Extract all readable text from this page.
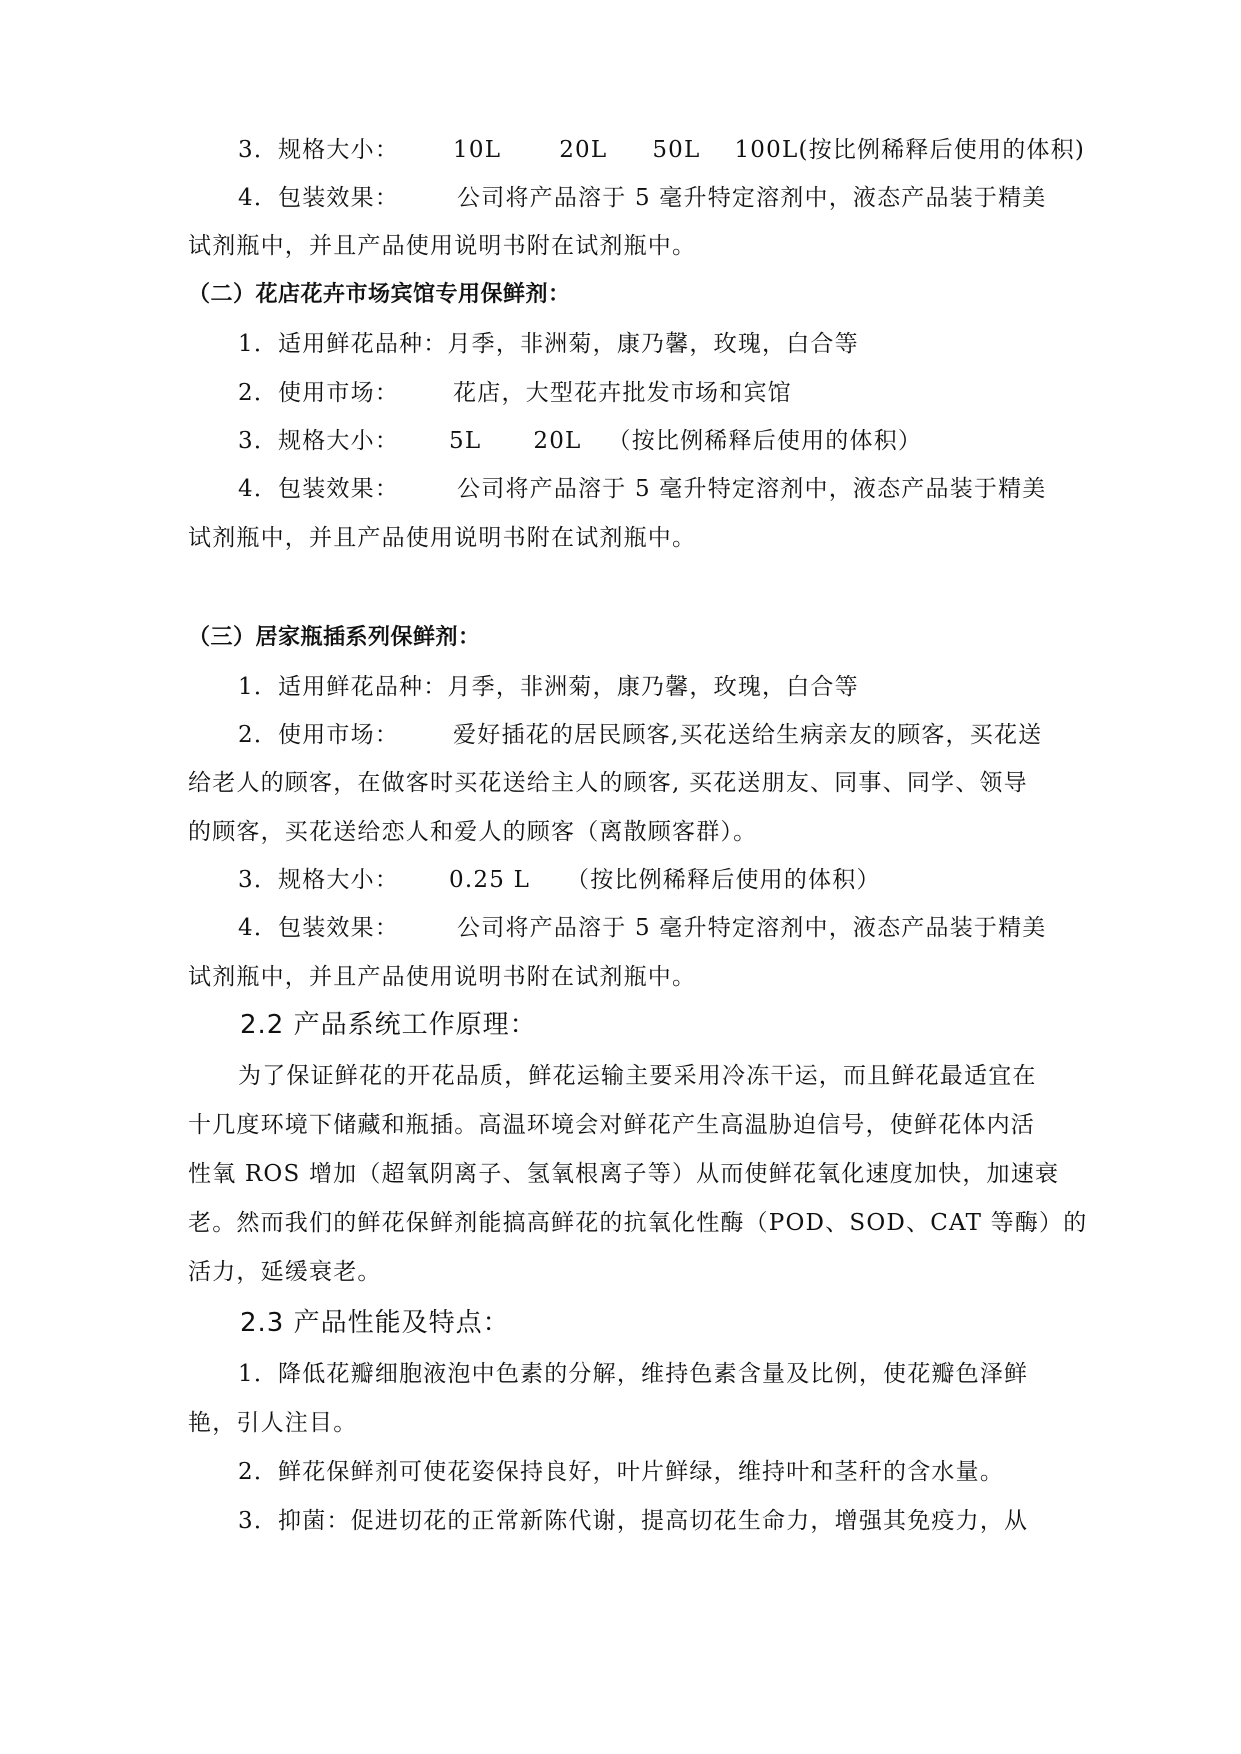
3．规格大小： 10L	20L 50L 100L(按比例稀释后使用的体积)
4．包装效果：	公司将产品溶于 5 毫升特定溶剂中，液态产品装于精美
试剂瓶中，并且产品使用说明书附在试剂瓶中。
（二）花店花卉市场宾馆专用保鲜剂：
1．适用鲜花品种：月季，非洲菊，康乃馨，玫瑰，白合等
2．使用市场： 花店，大型花卉批发市场和宾馆
3．规格大小： 5L 20L （按比例稀释后使用的体积）
4．包装效果：	公司将产品溶于 5 毫升特定溶剂中，液态产品装于精美
试剂瓶中，并且产品使用说明书附在试剂瓶中。
（三）居家瓶插系列保鲜剂：
1．适用鲜花品种：月季，非洲菊，康乃馨，玫瑰，白合等
2．使用市场： 爱好插花的居民顾客,买花送给生病亲友的顾客，买花送
给老人的顾客，在做客时买花送给主人的顾客, 买花送朋友、同事、同学、领导
的顾客，买花送给恋人和爱人的顾客（离散顾客群）。
3．规格大小： 0.25 L （按比例稀释后使用的体积）
4．包装效果：	公司将产品溶于 5 毫升特定溶剂中，液态产品装于精美
试剂瓶中，并且产品使用说明书附在试剂瓶中。
2.2 产品系统工作原理：
为了保证鲜花的开花品质，鲜花运输主要采用冷冻干运，而且鲜花最适宜在
十几度环境下储藏和瓶插。高温环境会对鲜花产生高温胁迫信号，使鲜花体内活
性氧 ROS 增加（超氧阴离子、氢氧根离子等）从而使鲜花氧化速度加快，加速衰
老。然而我们的鲜花保鲜剂能搞高鲜花的抗氧化性酶（POD、SOD、CAT 等酶）的
活力，延缓衰老。
2.3 产品性能及特点：
1．降低花瓣细胞液泡中色素的分解，维持色素含量及比例，使花瓣色泽鲜
艳，引人注目。
2．鲜花保鲜剂可使花姿保持良好，叶片鲜绿，维持叶和茎秆的含水量。
3．抑菌：促进切花的正常新陈代谢，提高切花生命力，增强其免疫力，从
